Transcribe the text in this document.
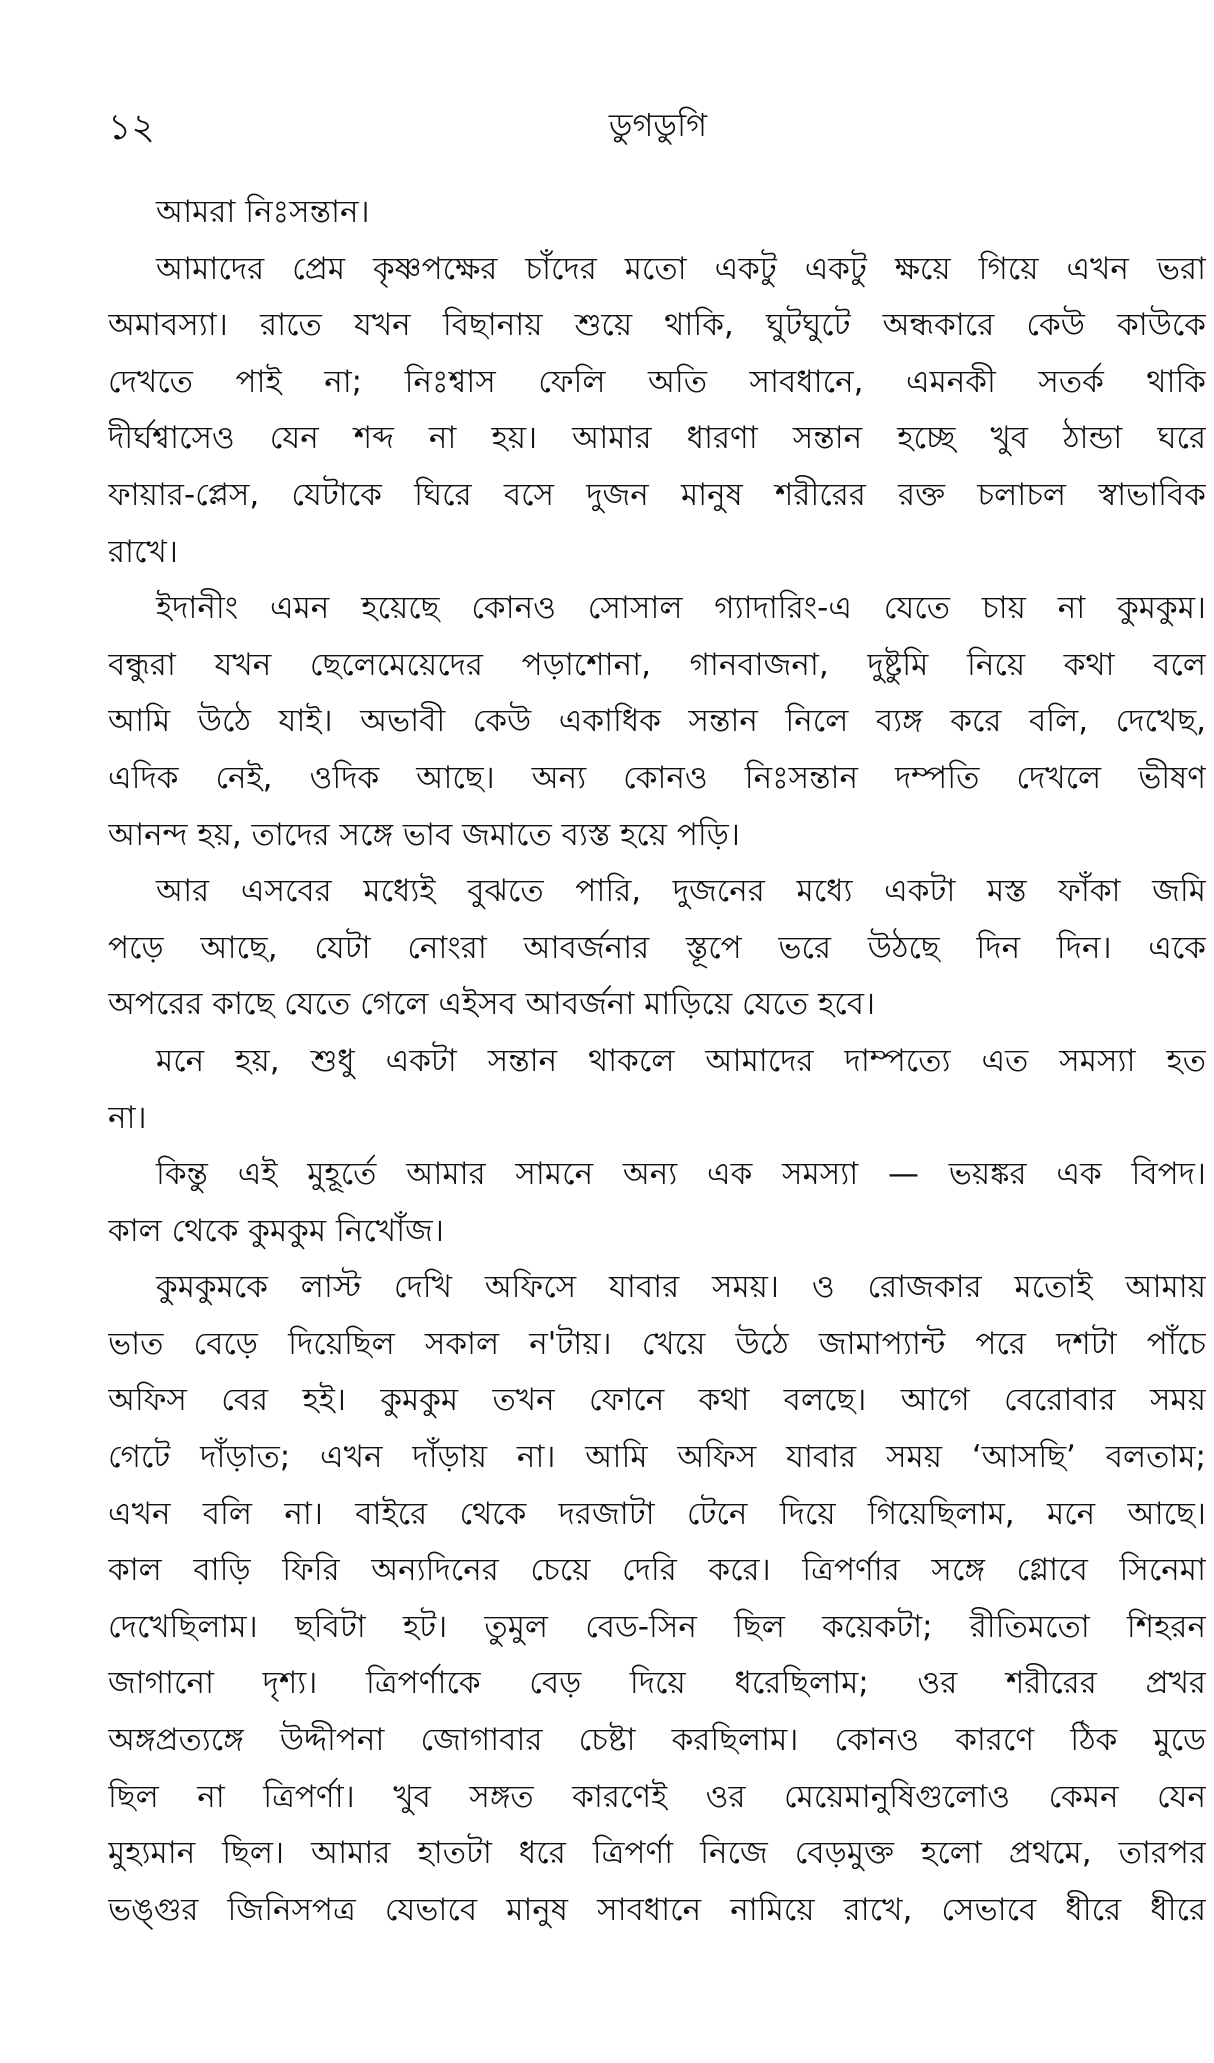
১২	ডুগডুগি
আমরা নিঃসন্তান।
আমাদের প্রেম কৃষ্ণপক্ষের চাঁদের মতো একটু একটু ক্ষয়ে গিয়ে এখন ভরা
অমাবস্যা। রাতে যখন বিছানায় শুয়ে থাকি, ঘুটঘুটে অন্ধকারে কেউ কাউকে
দেখতে পাই না; নিঃশ্বাস ফেলি অতি সাবধানে, এমনকী সতর্ক থাকি
দীর্ঘশ্বাসেও যেন শব্দ না হয়। আমার ধারণা সন্তান হচ্ছে খুব ঠান্ডা ঘরে
ফায়ার-প্লেস, যেটাকে ঘিরে বসে দুজন মানুষ শরীরের রক্ত চলাচল স্বাভাবিক
রাখে।
ইদানীং এমন হয়েছে কোনও সোসাল গ্যাদারিং-এ যেতে চায় না কুমকুম।
বন্ধুরা যখন ছেলেমেয়েদের পড়াশোনা, গানবাজনা, দুষ্টুমি নিয়ে কথা বলে
আমি উঠে যাই। অভাবী কেউ একাধিক সন্তান নিলে ব্যঙ্গ করে বলি, দেখেছ,
এদিক নেই, ওদিক আছে। অন্য কোনও নিঃসন্তান দম্পতি দেখলে ভীষণ
আনন্দ হয়, তাদের সঙ্গে ভাব জমাতে ব্যস্ত হয়ে পড়ি।
আর এসবের মধ্যেই বুঝতে পারি, দুজনের মধ্যে একটা মস্ত ফাঁকা জমি
পড়ে আছে, যেটা নোংরা আবর্জনার স্তূপে ভরে উঠছে দিন দিন। একে
অপরের কাছে যেতে গেলে এইসব আবর্জনা মাড়িয়ে যেতে হবে।
মনে হয়, শুধু একটা সন্তান থাকলে আমাদের দাম্পত্যে এত সমস্যা হত
না।
কিন্তু এই মুহূর্তে আমার সামনে অন্য এক সমস্যা — ভয়ঙ্কর এক বিপদ।
কাল থেকে কুমকুম নিখোঁজ।
কুমকুমকে লাস্ট দেখি অফিসে যাবার সময়। ও রোজকার মতোই আমায়
ভাত বেড়ে দিয়েছিল সকাল ন'টায়। খেয়ে উঠে জামাপ্যান্ট পরে দশটা পাঁচে
অফিস বের হই। কুমকুম তখন ফোনে কথা বলছে। আগে বেরোবার সময়
গেটে দাঁড়াত; এখন দাঁড়ায় না। আমি অফিস যাবার সময় ‘আসছি’ বলতাম;
এখন বলি না। বাইরে থেকে দরজাটা টেনে দিয়ে গিয়েছিলাম, মনে আছে।
কাল বাড়ি ফিরি অন্যদিনের চেয়ে দেরি করে। ত্রিপর্ণার সঙ্গে গ্লোবে সিনেমা
দেখেছিলাম। ছবিটা হট। তুমুল বেড-সিন ছিল কয়েকটা; রীতিমতো শিহরন
জাগানো দৃশ্য। ত্রিপর্ণাকে বেড় দিয়ে ধরেছিলাম; ওর শরীরের প্রখর
অঙ্গপ্রত্যঙ্গে উদ্দীপনা জোগাবার চেষ্টা করছিলাম। কোনও কারণে ঠিক মুডে
ছিল না ত্রিপর্ণা। খুব সঙ্গত কারণেই ওর মেয়েমানুষিগুলোও কেমন যেন
মুহ্যমান ছিল। আমার হাতটা ধরে ত্রিপর্ণা নিজে বেড়মুক্ত হলো প্রথমে, তারপর
ভঙ্গুর জিনিসপত্র যেভাবে মানুষ সাবধানে নামিয়ে রাখে, সেভাবে ধীরে ধীরে
